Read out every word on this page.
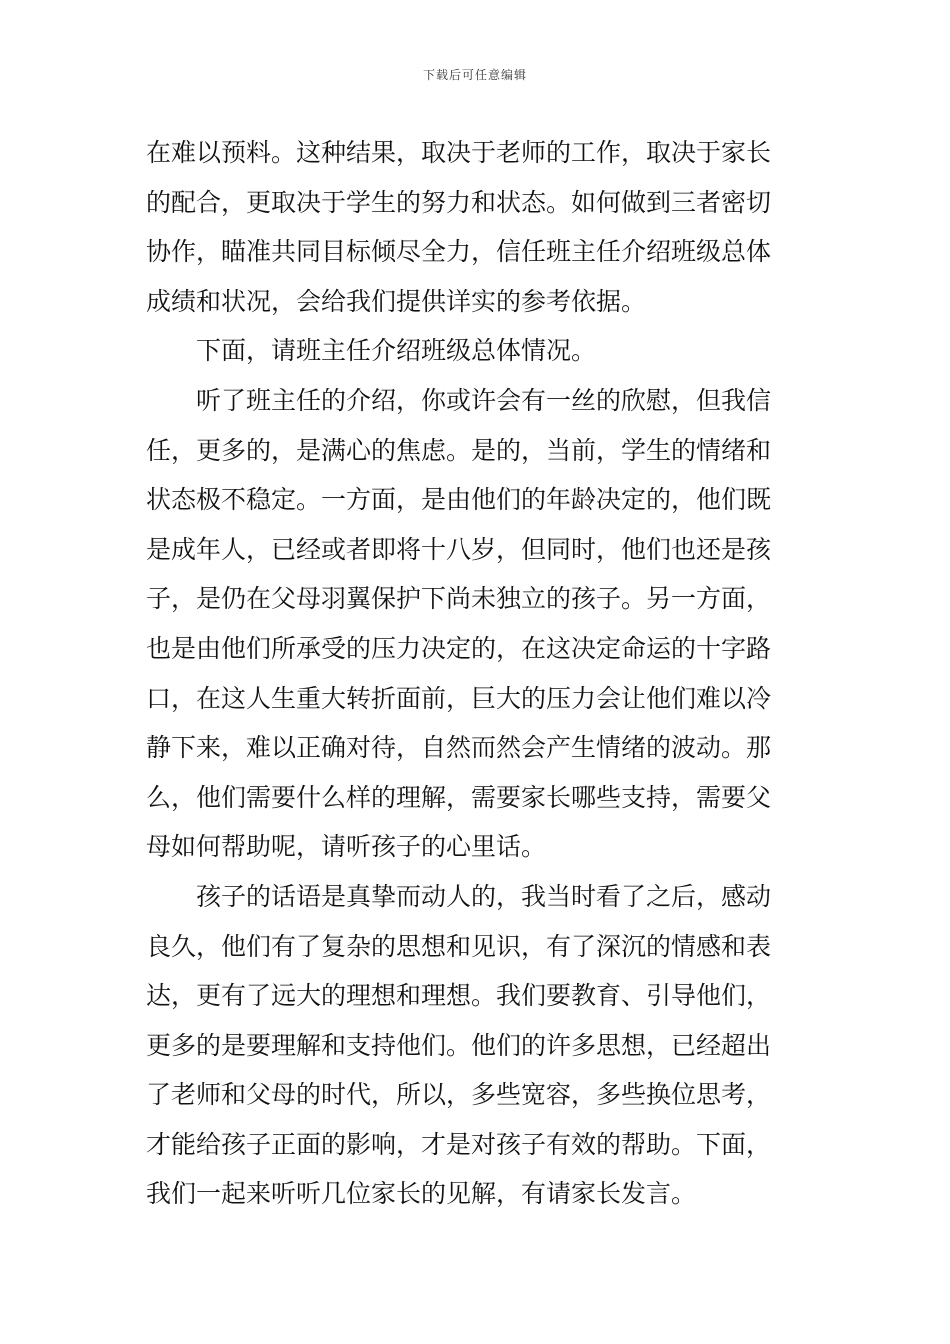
下载后可任意编辑
在难以预料。这种结果，取决于老师的工作，取决于家长
的配合，更取决于学生的努力和状态。如何做到三者密切
协作，瞄准共同目标倾尽全力，信任班主任介绍班级总体
成绩和状况，会给我们提供详实的参考依据。
下面，请班主任介绍班级总体情况。
听了班主任的介绍，你或许会有一丝的欣慰，但我信
任，更多的，是满心的焦虑。是的，当前，学生的情绪和
状态极不稳定。一方面，是由他们的年龄决定的，他们既
是成年人，已经或者即将十八岁，但同时，他们也还是孩
子，是仍在父母羽翼保护下尚未独立的孩子。另一方面，
也是由他们所承受的压力决定的，在这决定命运的十字路
口，在这人生重大转折面前，巨大的压力会让他们难以冷
静下来，难以正确对待，自然而然会产生情绪的波动。那
么，他们需要什么样的理解，需要家长哪些支持，需要父
母如何帮助呢，请听孩子的心里话。
孩子的话语是真挚而动人的，我当时看了之后，感动
良久，他们有了复杂的思想和见识，有了深沉的情感和表
达，更有了远大的理想和理想。我们要教育、引导他们，
更多的是要理解和支持他们。他们的许多思想，已经超出
了老师和父母的时代，所以，多些宽容，多些换位思考，
才能给孩子正面的影响，才是对孩子有效的帮助。下面，
我们一起来听听几位家长的见解，有请家长发言。
